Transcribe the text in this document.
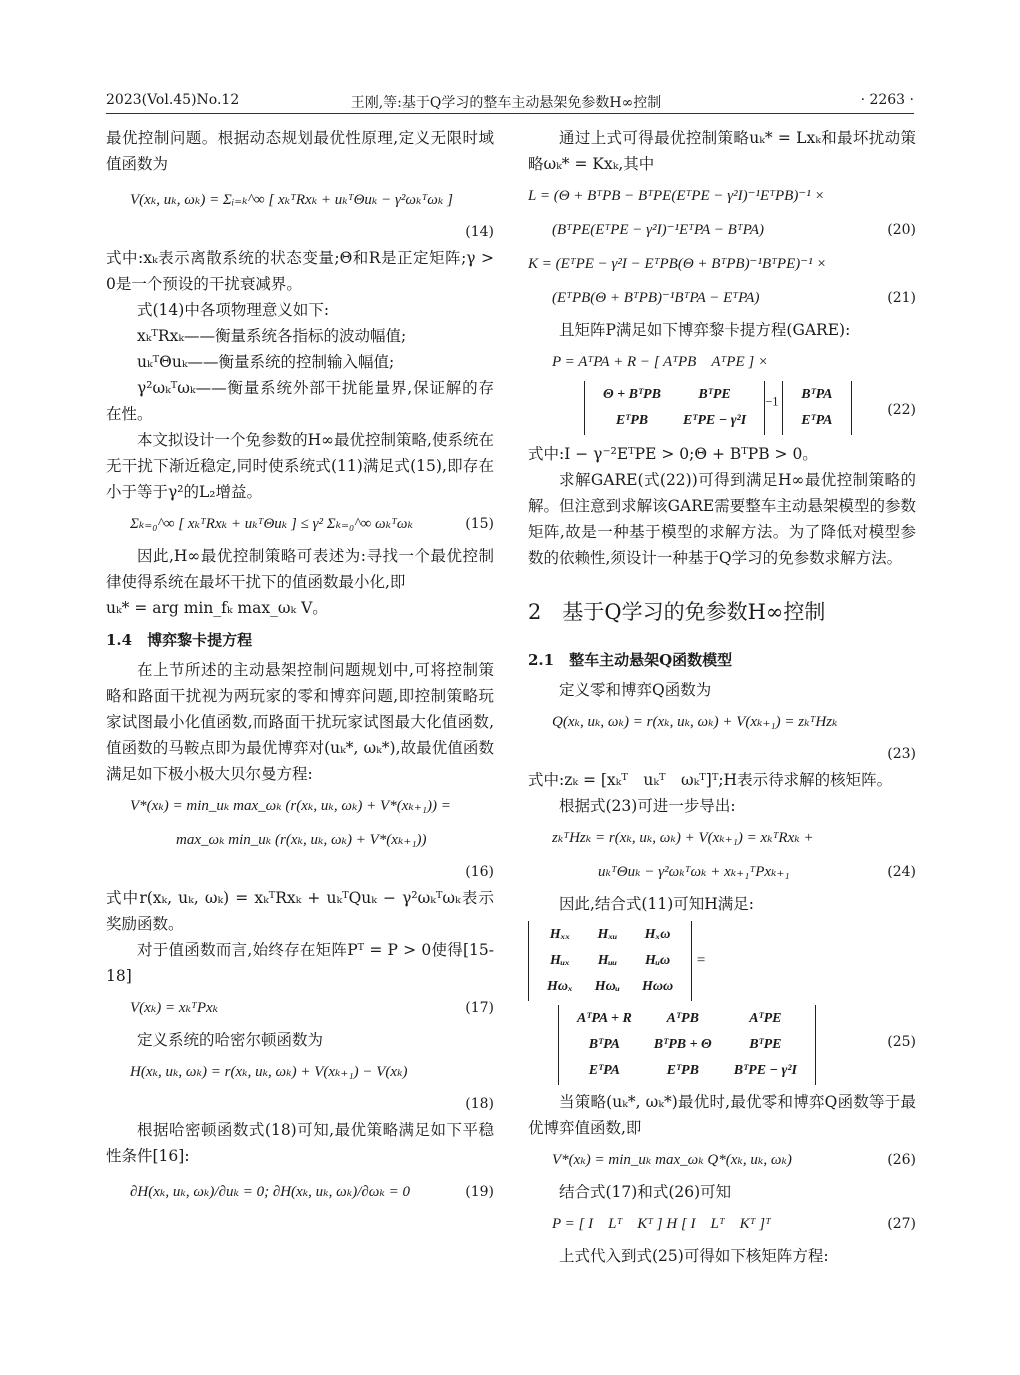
2023(Vol.45)No.12	王刚,等:基于Q学习的整车主动悬架免参数H∞控制	· 2263 ·

最优控制问题。根据动态规划最优性原理,定义无限时域值函数为

V(xₖ, uₖ, ωₖ) = Σᵢ₌ₖ^∞ [ xₖᵀRxₖ + uₖᵀΘuₖ − γ²ωₖᵀωₖ ]
(14)

式中:xₖ表示离散系统的状态变量;Θ和R是正定矩阵;γ > 0是一个预设的干扰衰减界。

式(14)中各项物理意义如下:

xₖᵀRxₖ——衡量系统各指标的波动幅值;

uₖᵀΘuₖ——衡量系统的控制输入幅值;

γ²ωₖᵀωₖ——衡量系统外部干扰能量界,保证解的存在性。

本文拟设计一个免参数的H∞最优控制策略,使系统在无干扰下渐近稳定,同时使系统式(11)满足式(15),即存在小于等于γ²的L₂增益。

Σₖ₌₀^∞ [ xₖᵀRxₖ + uₖᵀΘuₖ ] ≤ γ² Σₖ₌₀^∞ ωₖᵀωₖ	(15)

因此,H∞最优控制策略可表述为:寻找一个最优控制律使得系统在最坏干扰下的值函数最小化,即

uₖ* = arg min_fₖ max_ωₖ V。

1.4　博弈黎卡提方程

在上节所述的主动悬架控制问题规划中,可将控制策略和路面干扰视为两玩家的零和博弈问题,即控制策略玩家试图最小化值函数,而路面干扰玩家试图最大化值函数,值函数的马鞍点即为最优博弈对(uₖ*, ωₖ*),故最优值函数满足如下极小极大贝尔曼方程:

V*(xₖ) = min_uₖ max_ωₖ (r(xₖ, uₖ, ωₖ) + V*(xₖ₊₁)) =
max_ωₖ min_uₖ (r(xₖ, uₖ, ωₖ) + V*(xₖ₊₁))
(16)

式中r(xₖ, uₖ, ωₖ) = xₖᵀRxₖ + uₖᵀQuₖ − γ²ωₖᵀωₖ表示奖励函数。

对于值函数而言,始终存在矩阵Pᵀ = P > 0使得[15-18]

V(xₖ) = xₖᵀPxₖ	(17)

定义系统的哈密尔顿函数为

H(xₖ, uₖ, ωₖ) = r(xₖ, uₖ, ωₖ) + V(xₖ₊₁) − V(xₖ)
(18)

根据哈密顿函数式(18)可知,最优策略满足如下平稳性条件[16]:

∂H(xₖ, uₖ, ωₖ)/∂uₖ = 0; ∂H(xₖ, uₖ, ωₖ)/∂ωₖ = 0	(19)

通过上式可得最优控制策略uₖ* = Lxₖ和最坏扰动策略ωₖ* = Kxₖ,其中

L = (Θ + BᵀPB − BᵀPE(EᵀPE − γ²I)⁻¹EᵀPB)⁻¹ ×
(BᵀPE(EᵀPE − γ²I)⁻¹EᵀPA − BᵀPA)	(20)
K = (EᵀPE − γ²I − EᵀPB(Θ + BᵀPB)⁻¹BᵀPE)⁻¹ ×
(EᵀPB(Θ + BᵀPB)⁻¹BᵀPA − EᵀPA)	(21)

且矩阵P满足如下博弈黎卡提方程(GARE):

P = AᵀPA + R − [ AᵀPB　AᵀPE ] ×
Θ + BᵀPB	BᵀPE
EᵀPB	EᵀPE − γ²I
$^{-1}$ BᵀPA
EᵀPA
(22)

式中:I − γ⁻²EᵀPE > 0;Θ + BᵀPB > 0。

求解GARE(式(22))可得到满足H∞最优控制策略的解。但注意到求解该GARE需要整车主动悬架模型的参数矩阵,故是一种基于模型的求解方法。为了降低对模型参数的依赖性,须设计一种基于Q学习的免参数求解方法。

2　基于Q学习的免参数H∞控制
2.1　整车主动悬架Q函数模型

定义零和博弈Q函数为

Q(xₖ, uₖ, ωₖ) = r(xₖ, uₖ, ωₖ) + V(xₖ₊₁) = zₖᵀHzₖ
(23)

式中:zₖ = [xₖᵀ　uₖᵀ　ωₖᵀ]ᵀ;H表示待求解的核矩阵。

根据式(23)可进一步导出:

zₖᵀHzₖ = r(xₖ, uₖ, ωₖ) + V(xₖ₊₁) = xₖᵀRxₖ +
uₖᵀΘuₖ − γ²ωₖᵀωₖ + xₖ₊₁ᵀPxₖ₊₁	(24)

因此,结合式(11)可知H满足:

Hₓₓ	Hₓᵤ	Hₓω
Hᵤₓ	Hᵤᵤ	Hᵤω
Hωₓ	Hωᵤ	Hωω
=
AᵀPA + R	AᵀPB	AᵀPE
BᵀPA	BᵀPB + Θ	BᵀPE
EᵀPA	EᵀPB	BᵀPE − γ²I
(25)

当策略(uₖ*, ωₖ*)最优时,最优零和博弈Q函数等于最优博弈值函数,即

V*(xₖ) = min_uₖ max_ωₖ Q*(xₖ, uₖ, ωₖ)	(26)

结合式(17)和式(26)可知

P = [ I　Lᵀ　Kᵀ ] H [ I　Lᵀ　Kᵀ ]ᵀ	(27)

上式代入到式(25)可得如下核矩阵方程:
